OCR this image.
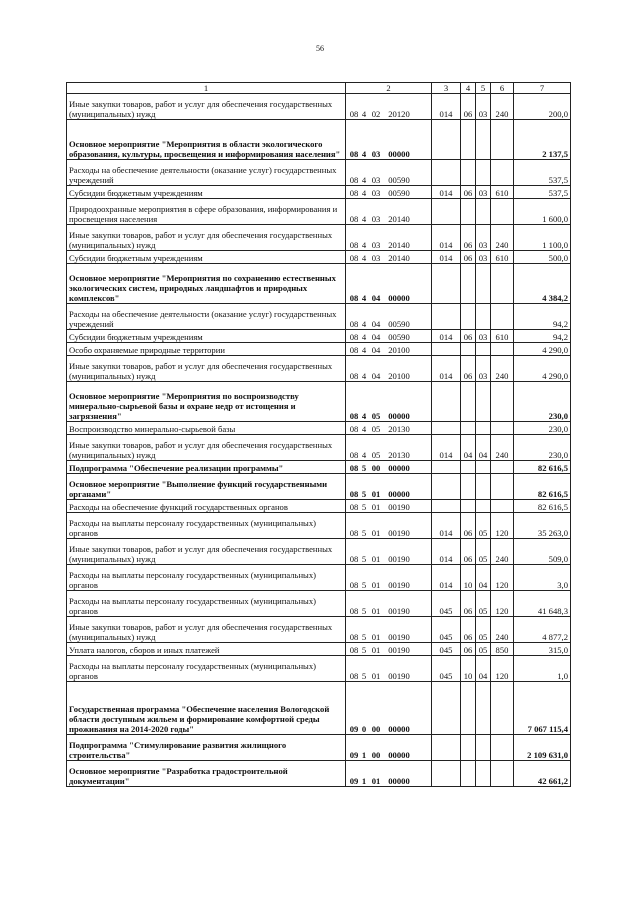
56
1	2	3	4	5	6	7
Иные закупки товаров, работ и услуг для обеспечения государственных (муниципальных) нужд	08 4 02 20120	014	06	03	240	200,0
Основное мероприятие "Мероприятия в области экологического образования, культуры, просвещения и информирования населения"	08 4 03 00000					2 137,5
Расходы на обеспечение деятельности (оказание услуг) государственных учреждений	08 4 03 00590					537,5
Субсидии бюджетным учреждениям	08 4 03 00590	014	06	03	610	537,5
Природоохранные мероприятия в сфере образования, информирования и просвещения населения	08 4 03 20140					1 600,0
Иные закупки товаров, работ и услуг для обеспечения государственных (муниципальных) нужд	08 4 03 20140	014	06	03	240	1 100,0
Субсидии бюджетным учреждениям	08 4 03 20140	014	06	03	610	500,0
Основное мероприятие "Мероприятия по сохранению естественных экологических систем, природных ландшафтов и природных комплексов"	08 4 04 00000					4 384,2
Расходы на обеспечение деятельности (оказание услуг) государственных учреждений	08 4 04 00590					94,2
Субсидии бюджетным учреждениям	08 4 04 00590	014	06	03	610	94,2
Особо охраняемые природные территории	08 4 04 20100					4 290,0
Иные закупки товаров, работ и услуг для обеспечения государственных (муниципальных) нужд	08 4 04 20100	014	06	03	240	4 290,0
Основное мероприятие "Мероприятия по воспроизводству минерально-сырьевой базы и охране недр от истощения и загрязнения"	08 4 05 00000					230,0
Воспроизводство минерально-сырьевой базы	08 4 05 20130					230,0
Иные закупки товаров, работ и услуг для обеспечения государственных (муниципальных) нужд	08 4 05 20130	014	04	04	240	230,0
Подпрограмма "Обеспечение реализации программы"	08 5 00 00000					82 616,5
Основное мероприятие "Выполнение функций государственными органами"	08 5 01 00000					82 616,5
Расходы на обеспечение функций государственных органов	08 5 01 00190					82 616,5
Расходы на выплаты персоналу государственных (муниципальных) органов	08 5 01 00190	014	06	05	120	35 263,0
Иные закупки товаров, работ и услуг для обеспечения государственных (муниципальных) нужд	08 5 01 00190	014	06	05	240	509,0
Расходы на выплаты персоналу государственных (муниципальных) органов	08 5 01 00190	014	10	04	120	3,0
Расходы на выплаты персоналу государственных (муниципальных) органов	08 5 01 00190	045	06	05	120	41 648,3
Иные закупки товаров, работ и услуг для обеспечения государственных (муниципальных) нужд	08 5 01 00190	045	06	05	240	4 877,2
Уплата налогов, сборов и иных платежей	08 5 01 00190	045	06	05	850	315,0
Расходы на выплаты персоналу государственных (муниципальных) органов	08 5 01 00190	045	10	04	120	1,0
Государственная программа "Обеспечение населения Вологодской области доступным жильем и формирование комфортной среды проживания на 2014-2020 годы"	09 0 00 00000					7 067 115,4
Подпрограмма "Стимулирование развития жилищного строительства"	09 1 00 00000					2 109 631,0
Основное мероприятие "Разработка градостроительной документации"	09 1 01 00000					42 661,2
